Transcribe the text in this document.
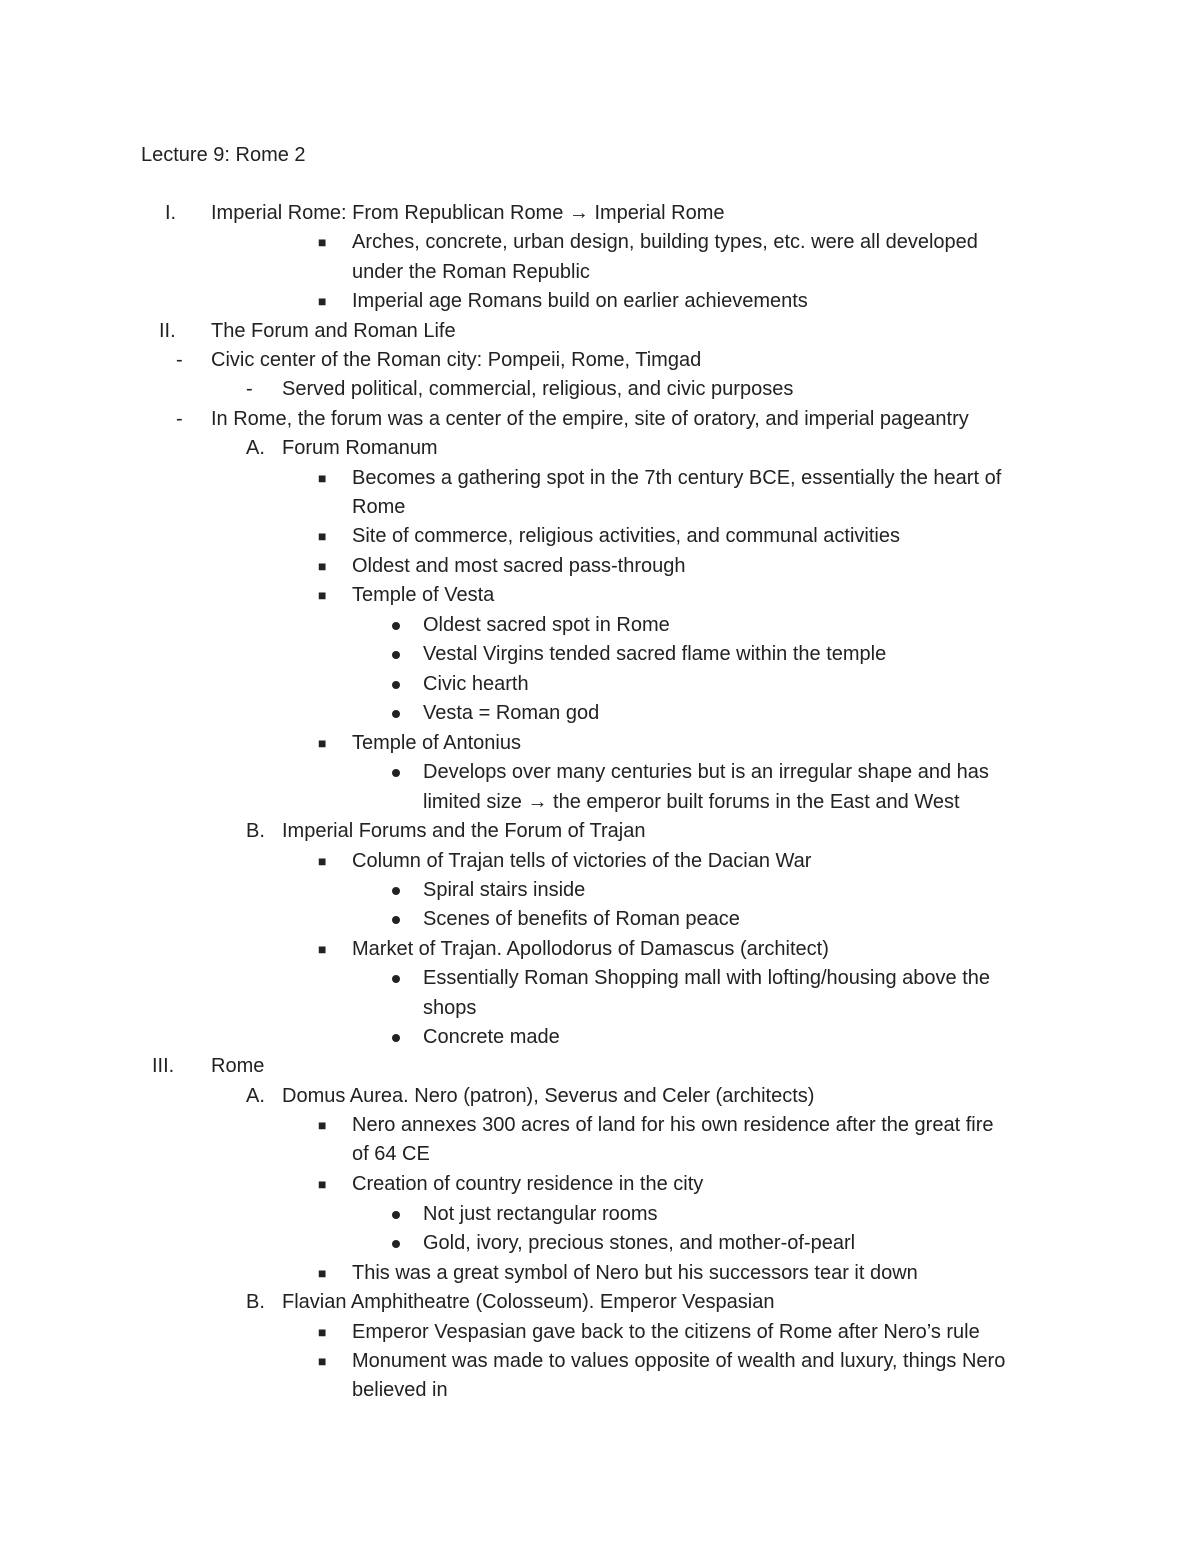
Lecture 9: Rome 2
I. Imperial Rome: From Republican Rome → Imperial Rome
■ Arches, concrete, urban design, building types, etc. were all developed
under the Roman Republic
■ Imperial age Romans build on earlier achievements
II. The Forum and Roman Life
- Civic center of the Roman city: Pompeii, Rome, Timgad
- Served political, commercial, religious, and civic purposes
- In Rome, the forum was a center of the empire, site of oratory, and imperial pageantry
A. Forum Romanum
■ Becomes a gathering spot in the 7th century BCE, essentially the heart of
Rome
■ Site of commerce, religious activities, and communal activities
■ Oldest and most sacred pass-through
■ Temple of Vesta
Oldest sacred spot in Rome
Vestal Virgins tended sacred flame within the temple
Civic hearth
Vesta = Roman god
■ Temple of Antonius
Develops over many centuries but is an irregular shape and has
limited size → the emperor built forums in the East and West
B. Imperial Forums and the Forum of Trajan
■ Column of Trajan tells of victories of the Dacian War
Spiral stairs inside
Scenes of benefits of Roman peace
■ Market of Trajan. Apollodorus of Damascus (architect)
Essentially Roman Shopping mall with lofting/housing above the
shops
Concrete made
III. Rome
A. Domus Aurea. Nero (patron), Severus and Celer (architects)
■ Nero annexes 300 acres of land for his own residence after the great fire
of 64 CE
■ Creation of country residence in the city
Not just rectangular rooms
Gold, ivory, precious stones, and mother-of-pearl
■ This was a great symbol of Nero but his successors tear it down
B. Flavian Amphitheatre (Colosseum). Emperor Vespasian
■ Emperor Vespasian gave back to the citizens of Rome after Nero’s rule
■ Monument was made to values opposite of wealth and luxury, things Nero
believed in
